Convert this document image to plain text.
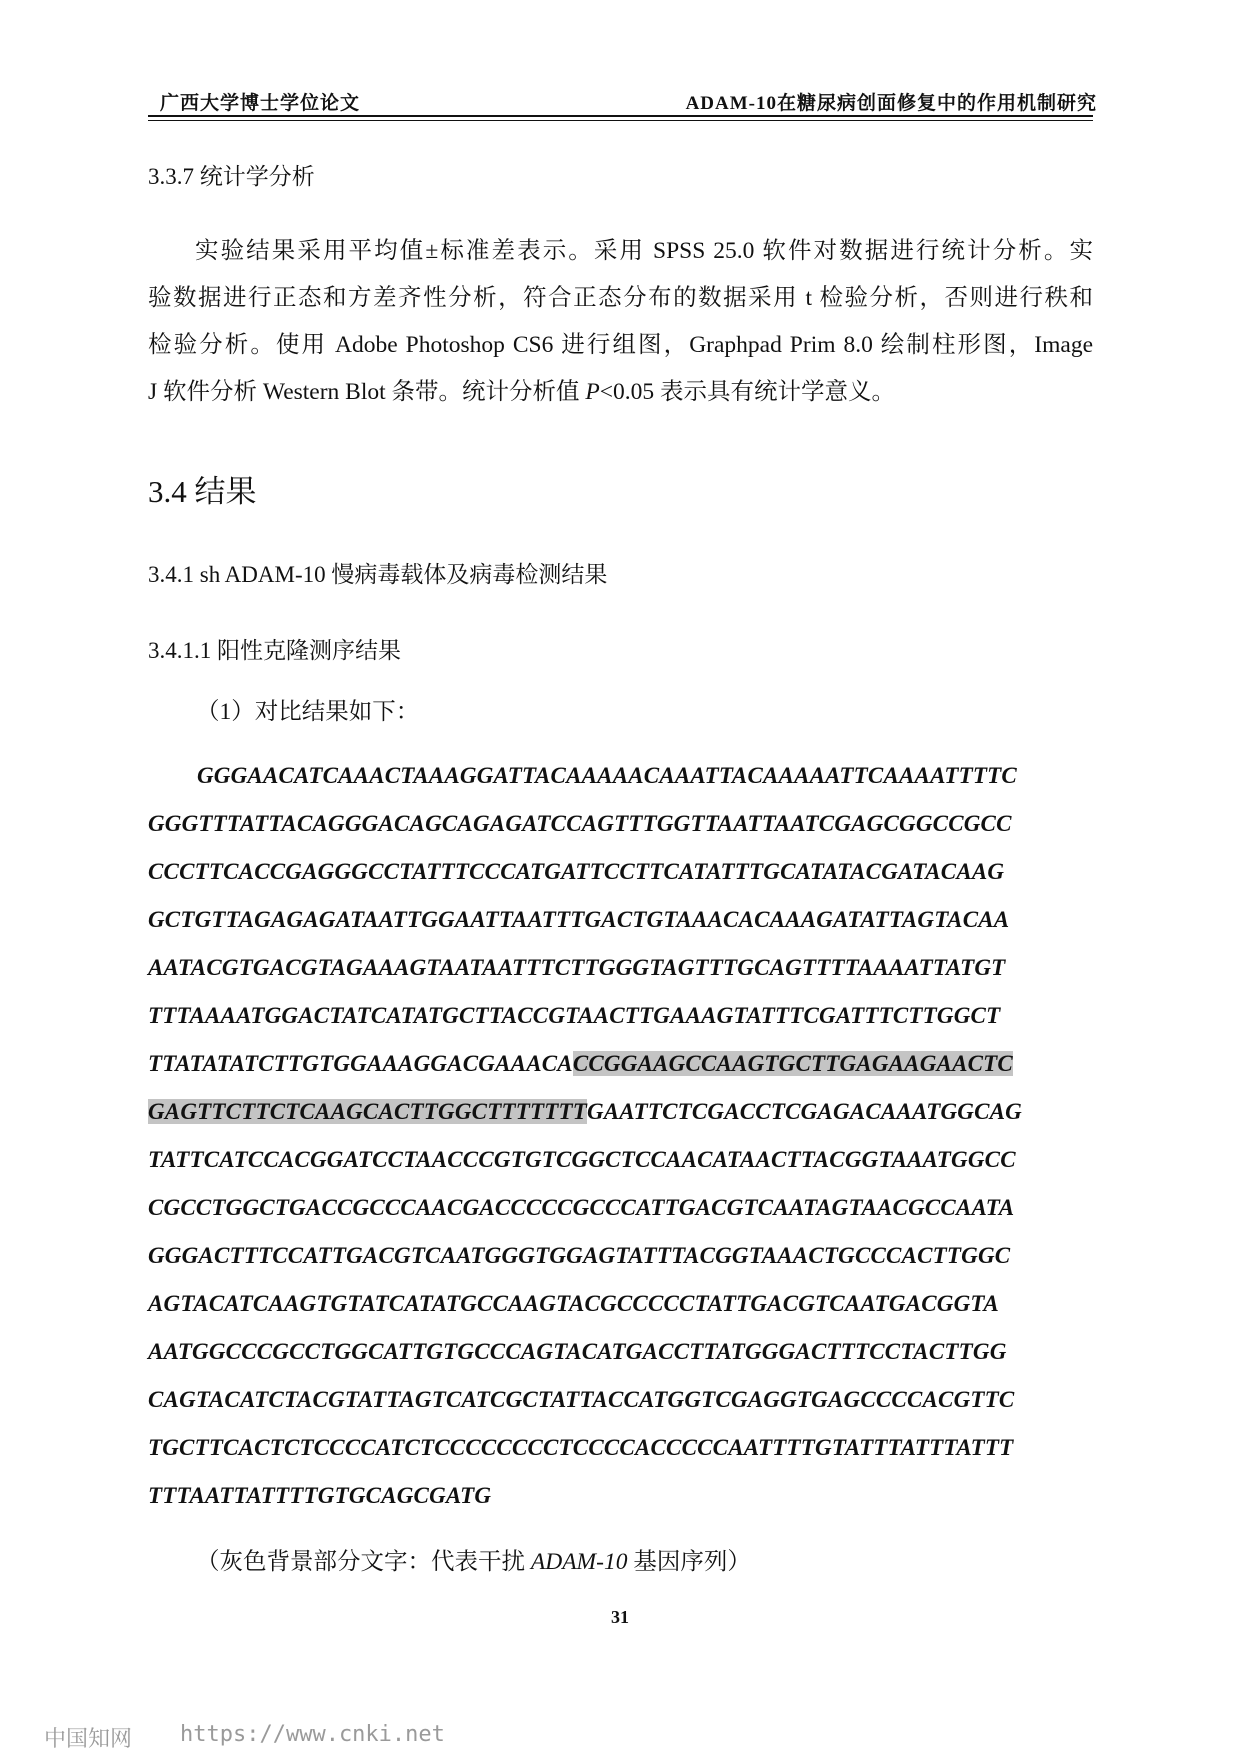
广西大学博士学位论文	ADAM-10在糖尿病创面修复中的作用机制研究
3.3.7 统计学分析
实验结果采用平均值±标准差表示。采用 SPSS 25.0 软件对数据进行统计分析。实
验数据进行正态和方差齐性分析，符合正态分布的数据采用 t 检验分析，否则进行秩和
检验分析。使用 Adobe Photoshop CS6 进行组图，Graphpad Prim 8.0 绘制柱形图，Image
J 软件分析 Western Blot 条带。统计分析值 P<0.05 表示具有统计学意义。
3.4 结果
3.4.1 sh ADAM-10 慢病毒载体及病毒检测结果
3.4.1.1 阳性克隆测序结果
（1）对比结果如下：
GGGAACATCAAACTAAAGGATTACAAAAACAAATTACAAAAATTCAAAATTTTC
GGGTTTATTACAGGGACAGCAGAGATCCAGTTTGGTTAATTAATCGAGCGGCCGCC
CCCTTCACCGAGGGCCTATTTCCCATGATTCCTTCATATTTGCATATACGATACAAG
GCTGTTAGAGAGATAATTGGAATTAATTTGACTGTAAACACAAAGATATTAGTACAA
AATACGTGACGTAGAAAGTAATAATTTCTTGGGTAGTTTGCAGTTTTAAAATTATGT
TTTAAAATGGACTATCATATGCTTACCGTAACTTGAAAGTATTTCGATTTCTTGGCT
TTATATATCTTGTGGAAAGGACGAAACACCGGAAGCCAAGTGCTTGAGAAGAACTC
GAGTTCTTCTCAAGCACTTGGCTTTTTTTGAATTCTCGACCTCGAGACAAATGGCAG
TATTCATCCACGGATCCTAACCCGTGTCGGCTCCAACATAACTTACGGTAAATGGCC
CGCCTGGCTGACCGCCCAACGACCCCCGCCCATTGACGTCAATAGTAACGCCAATA
GGGACTTTCCATTGACGTCAATGGGTGGAGTATTTACGGTAAACTGCCCACTTGGC
AGTACATCAAGTGTATCATATGCCAAGTACGCCCCCTATTGACGTCAATGACGGTA
AATGGCCCGCCTGGCATTGTGCCCAGTACATGACCTTATGGGACTTTCCTACTTGG
CAGTACATCTACGTATTAGTCATCGCTATTACCATGGTCGAGGTGAGCCCCACGTTC
TGCTTCACTCTCCCCATCTCCCCCCCCTCCCCACCCCCAATTTTGTATTTATTTATTT
TTTAATTATTTTGTGCAGCGATG
（灰色背景部分文字：代表干扰 ADAM-10 基因序列）
31
中国知网 https://www.cnki.net
